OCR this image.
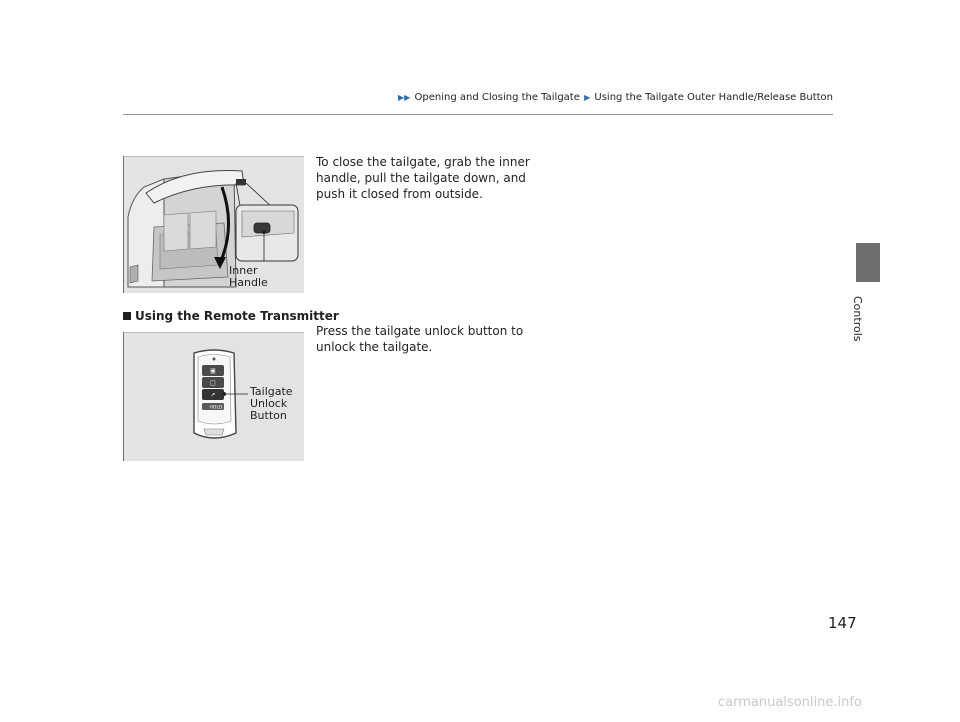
▶▶ Opening and Closing the Tailgate ▶ Using the Tailgate Outer Handle/Release Button
Controls
Inner
Handle
To close the tailgate, grab the inner handle, pull the tailgate down, and push it closed from outside.
Using the Remote Transmitter
▣
□
↗
HOLD
Tailgate
Unlock
Button
Press the tailgate unlock button to unlock the tailgate.
147
carmanualsonline.info
